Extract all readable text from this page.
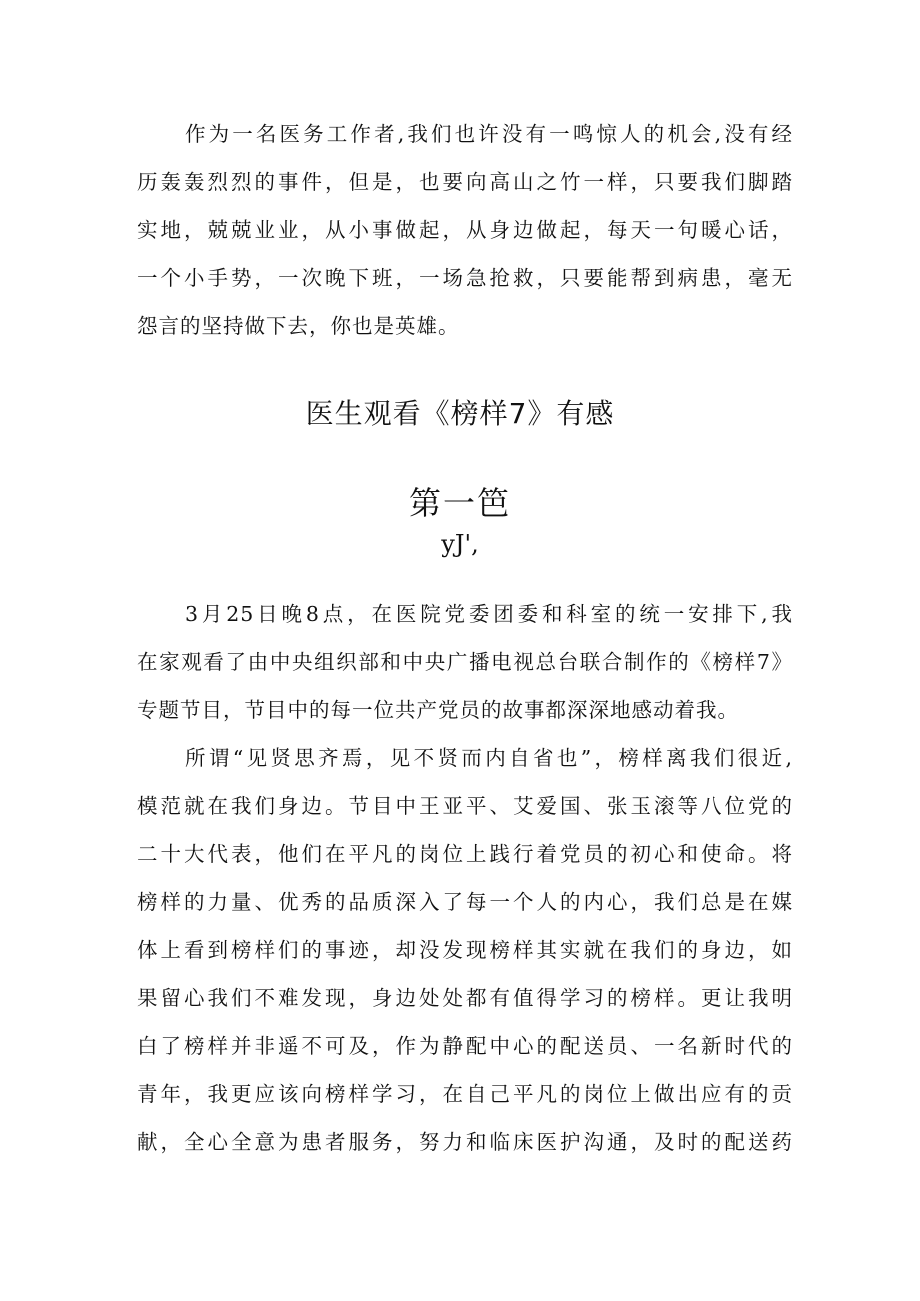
作为一名医务工作者,我们也许没有一鸣惊人的机会,没有经
历轰轰烈烈的事件，但是，也要向高山之竹一样，只要我们脚踏
实地，兢兢业业，从小事做起，从身边做起，每天一句暖心话，
一个小手势，一次晚下班，一场急抢救，只要能帮到病患，毫无
怨言的坚持做下去，你也是英雄。
医生观看《榜样7》有感
第一笆
yJ',
3月25日晚8点，在医院党委团委和科室的统一安排下,我
在家观看了由中央组织部和中央广播电视总台联合制作的《榜样7》
专题节目，节目中的每一位共产党员的故事都深深地感动着我。
所谓“见贤思齐焉，见不贤而内自省也”，榜样离我们很近,
模范就在我们身边。节目中王亚平、艾爱国、张玉滚等八位党的
二十大代表，他们在平凡的岗位上践行着党员的初心和使命。将
榜样的力量、优秀的品质深入了每一个人的内心，我们总是在媒
体上看到榜样们的事迹，却没发现榜样其实就在我们的身边，如
果留心我们不难发现，身边处处都有值得学习的榜样。更让我明
白了榜样并非遥不可及，作为静配中心的配送员、一名新时代的
青年，我更应该向榜样学习，在自己平凡的岗位上做出应有的贡
献，全心全意为患者服务，努力和临床医护沟通，及时的配送药
